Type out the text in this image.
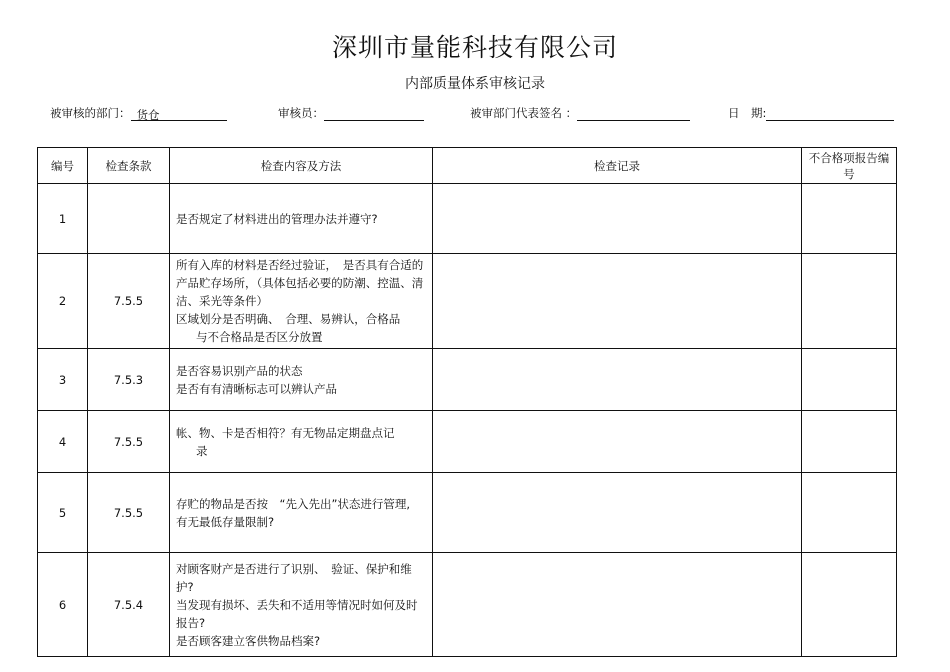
深圳市量能科技有限公司
内部质量体系审核记录
被审核的部门： 货仓	审核员：	被审部门代表签名 ：	日　期:
编号	检查条款	检查内容及方法	检查记录	不合格项报告编号
1		是否规定了材料进出的管理办法并遵守?		

2	7.5.5	所有入库的材料是否经过验证，　是否具有合适的产品贮存场所，（具体包括必要的防潮、控温、清洁、采光等条件）
区域划分是否明确、　合理、易辨认，合格品
与不合格品是否区分放置		

3	7.5.3	是否容易识别产品的状态
是否有有清晰标志可以辨认产品		

4	7.5.5	帐、物、卡是否相符？有无物品定期盘点记
录		

5	7.5.5	存贮的物品是否按　“先入先出”状态进行管理,
有无最低存量限制?		

6	7.5.4	对顾客财产是否进行了识别、　验证、保护和维护?
当发现有损坏、丢失和不适用等情况时如何及时报告?
是否顾客建立客供物品档案?		
